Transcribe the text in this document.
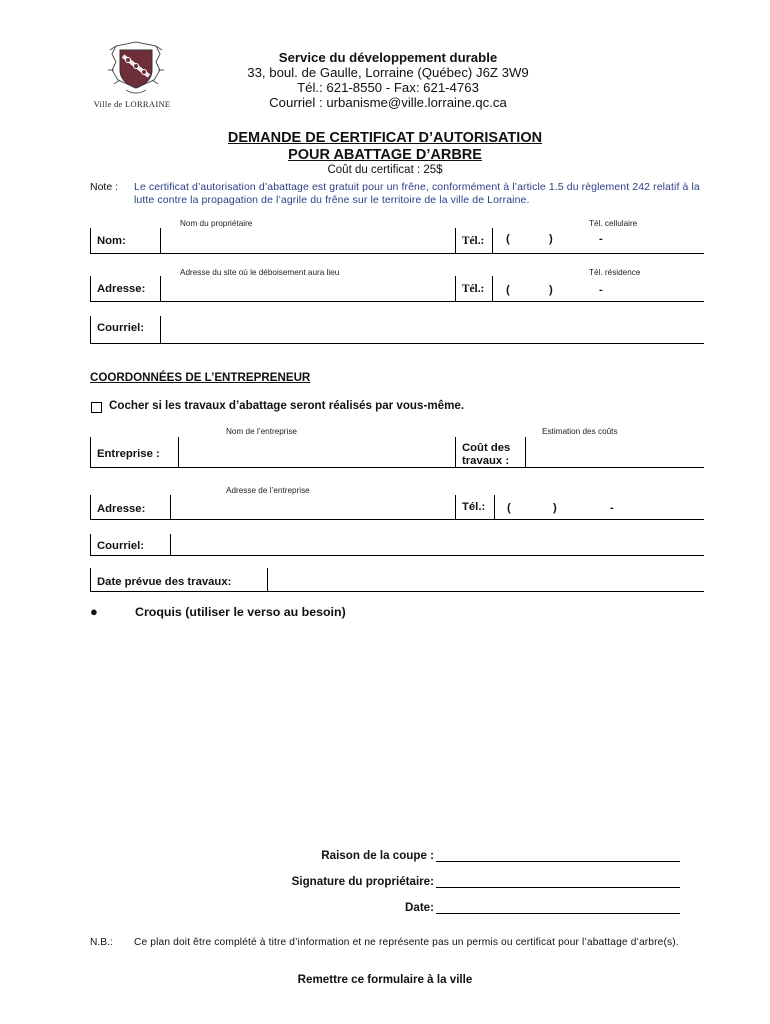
Ville de LORRAINE
Service du développement durable
33, boul. de Gaulle, Lorraine (Québec) J6Z 3W9
Tél.: 621-8550 - Fax: 621-4763
Courriel : urbanisme@ville.lorraine.qc.ca
DEMANDE DE CERTIFICAT D’AUTORISATION
POUR ABATTAGE D’ARBRE
Coût du certificat : 25$
Note : Le certificat d’autorisation d’abattage est gratuit pour un frêne, conformément à l’article 1.5 du règlement 242 relatif à la lutte contre la propagation de l’agrile du frêne sur le territoire de la ville de Lorraine.
Nom du propriétaire	Tél. cellulaire
Nom:	Tél.: (	)	-
Adresse du site où le déboisement aura lieu	Tél. résidence
Adresse:	Tél.: (	)	-
Courriel:
COORDONNÉES DE L’ENTREPRENEUR
Cocher si les travaux d’abattage seront réalisés par vous-même.
Nom de l’entreprise	Estimation des coûts
Entreprise :	Coût des
travaux :
Adresse de l’entreprise
Adresse:	Tél.: (	)	-
Courriel:
Date prévue des travaux:
●	Croquis (utiliser le verso au besoin)
Raison de la coupe :
Signature du propriétaire:
Date:
N.B.: Ce plan doit être complété à titre d’information et ne représente pas un permis ou certificat pour l’abattage d’arbre(s).
Remettre ce formulaire à la ville
